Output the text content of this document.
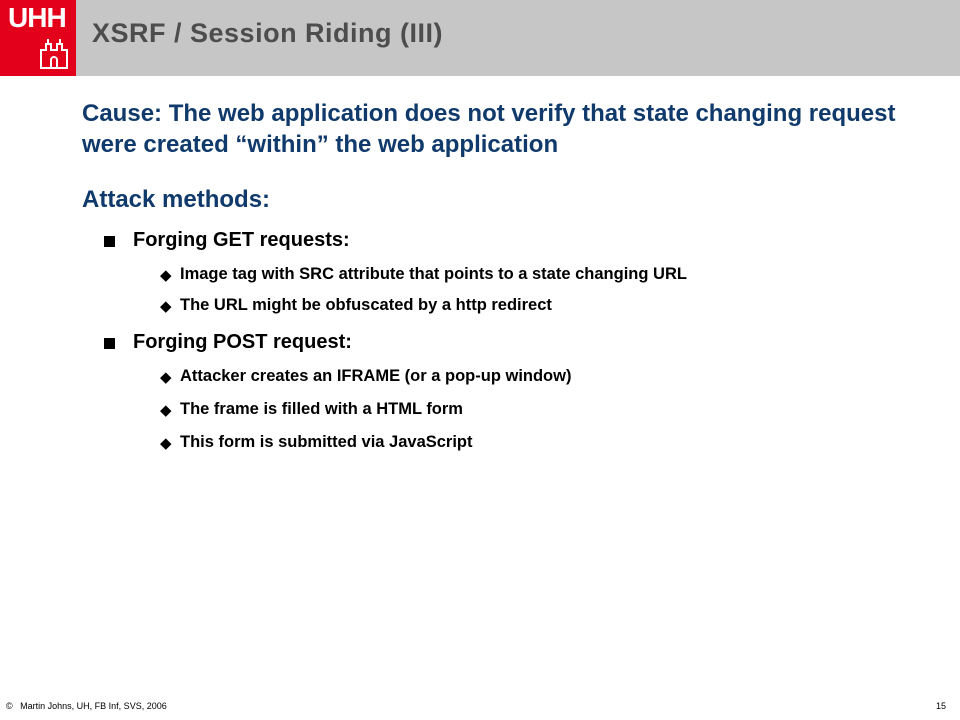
UHH XSRF / Session Riding (III)
Cause: The web application does not verify that state changing request were created “within” the web application
Attack methods:
Forging GET requests:
◆ Image tag with SRC attribute that points to a state changing URL
◆ The URL might be obfuscated by a http redirect
Forging POST request:
◆ Attacker creates an IFRAME (or a pop-up window)
◆ The frame is filled with a HTML form
◆ This form is submitted via JavaScript
© Martin Johns, UH, FB Inf, SVS, 2006	15
